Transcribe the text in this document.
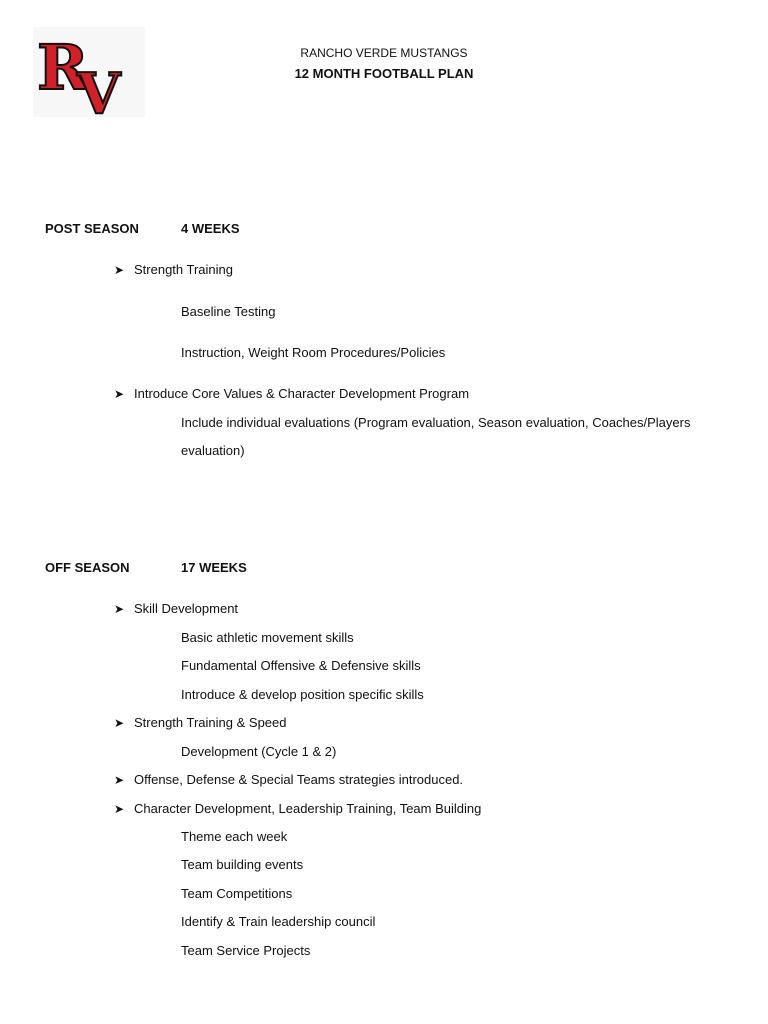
R
V
RANCHO VERDE MUSTANGS
12 MONTH FOOTBALL PLAN
POST SEASON	4 WEEKS
➤ Strength Training
Baseline Testing
Instruction, Weight Room Procedures/Policies
➤ Introduce Core Values & Character Development Program
Include individual evaluations (Program evaluation, Season evaluation, Coaches/Players
evaluation)
OFF SEASON	17 WEEKS
➤ Skill Development
Basic athletic movement skills
Fundamental Offensive & Defensive skills
Introduce & develop position specific skills
➤ Strength Training & Speed
Development (Cycle 1 & 2)
➤ Offense, Defense & Special Teams strategies introduced.
➤ Character Development, Leadership Training, Team Building
Theme each week
Team building events
Team Competitions
Identify & Train leadership council
Team Service Projects
